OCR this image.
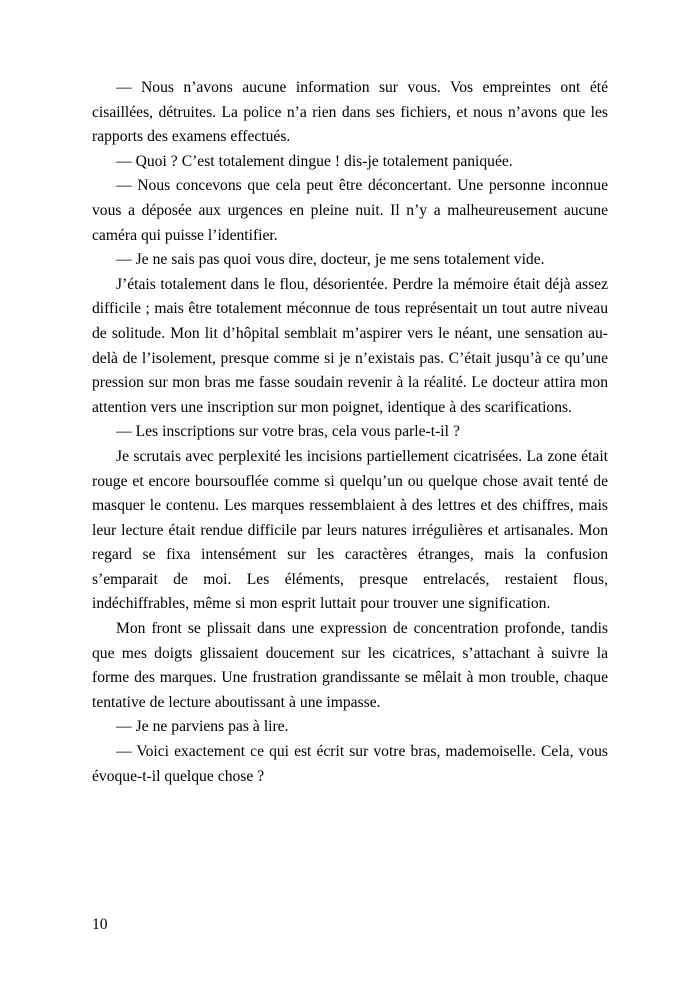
— Nous n’avons aucune information sur vous. Vos empreintes ont été cisaillées, détruites. La police n’a rien dans ses fichiers, et nous n’avons que les rapports des examens effectués.

— Quoi ? C’est totalement dingue ! dis-je totalement paniquée.

— Nous concevons que cela peut être déconcertant. Une personne inconnue vous a déposée aux urgences en pleine nuit. Il n’y a malheureusement aucune caméra qui puisse l’identifier.

— Je ne sais pas quoi vous dire, docteur, je me sens totalement vide.

J’étais totalement dans le flou, désorientée. Perdre la mémoire était déjà assez difficile ; mais être totalement méconnue de tous représentait un tout autre niveau de solitude. Mon lit d’hôpital semblait m’aspirer vers le néant, une sensation au-delà de l’isolement, presque comme si je n’existais pas. C’était jusqu’à ce qu’une pression sur mon bras me fasse soudain revenir à la réalité. Le docteur attira mon attention vers une inscription sur mon poignet, identique à des scarifications.

— Les inscriptions sur votre bras, cela vous parle-t-il ?

Je scrutais avec perplexité les incisions partiellement cicatrisées. La zone était rouge et encore boursouflée comme si quelqu’un ou quelque chose avait tenté de masquer le contenu. Les marques ressemblaient à des lettres et des chiffres, mais leur lecture était rendue difficile par leurs natures irrégulières et artisanales. Mon regard se fixa intensément sur les caractères étranges, mais la confusion s’emparait de moi. Les éléments, presque entrelacés, restaient flous, indéchiffrables, même si mon esprit luttait pour trouver une signification.

Mon front se plissait dans une expression de concentration profonde, tandis que mes doigts glissaient doucement sur les cicatrices, s’attachant à suivre la forme des marques. Une frustration grandissante se mêlait à mon trouble, chaque tentative de lecture aboutissant à une impasse.

— Je ne parviens pas à lire.

— Voici exactement ce qui est écrit sur votre bras, mademoiselle. Cela, vous évoque-t-il quelque chose ?

10
